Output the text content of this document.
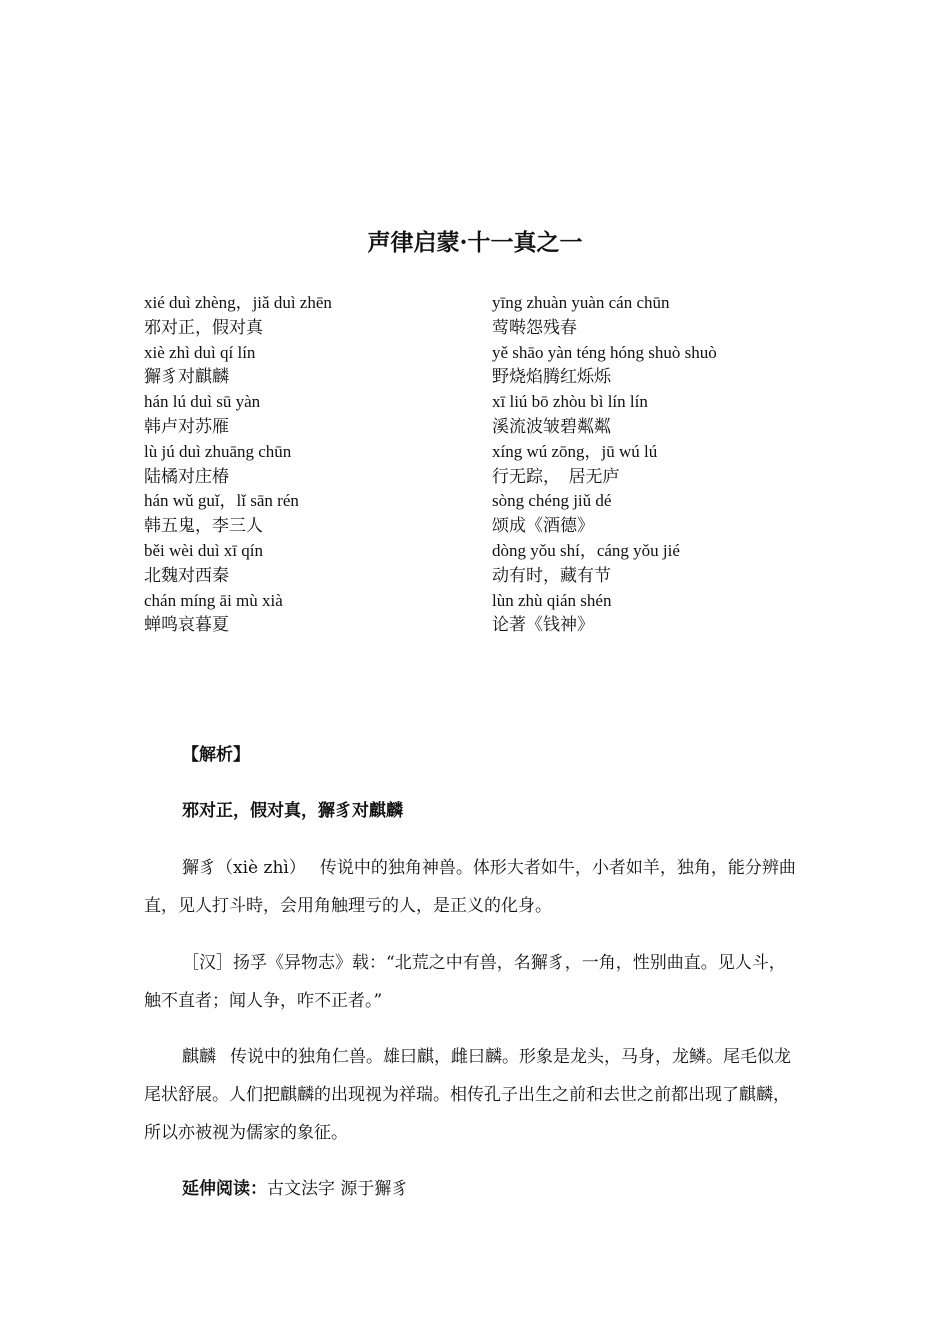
声律启蒙·十一真之一
xié duì zhèng，jiǎ duì zhēn
邪对正，假对真
xiè zhì duì qí lín
獬豸对麒麟
hán lú duì sū yàn
韩卢对苏雁
lù jú duì zhuāng chūn
陆橘对庄椿
hán wǔ guǐ，lǐ sān rén
韩五鬼，李三人
běi wèi duì xī qín
北魏对西秦
chán míng āi mù xià
蝉鸣哀暮夏
yīng zhuàn yuàn cán chūn
莺啭怨残春
yě shāo yàn téng hóng shuò shuò
野烧焰腾红烁烁
xī liú bō zhòu bì lín lín
溪流波皱碧粼粼
xíng wú zōng，jū wú lú
行无踪，　居无庐
sòng chéng jiǔ dé
颂成《酒德》
dòng yǒu shí，cáng yǒu jié
动有时，藏有节
lùn zhù qián shén
论著《钱神》

【解析】

邪对正，假对真，獬豸对麒麟

獬豸（xiè zhì） 传说中的独角神兽。体形大者如牛，小者如羊，独角，能分辨曲直，见人打斗時，会用角触理亏的人，是正义的化身。

［汉］扬孚《异物志》载：“北荒之中有兽，名獬豸，一角，性别曲直。见人斗，触不直者；闻人争，咋不正者。”

麒麟 传说中的独角仁兽。雄曰麒，雌曰麟。形象是龙头，马身，龙鳞。尾毛似龙尾状舒展。人们把麒麟的出现视为祥瑞。相传孔子出生之前和去世之前都出现了麒麟，所以亦被视为儒家的象征。

延伸阅读：古文法字 源于獬豸
